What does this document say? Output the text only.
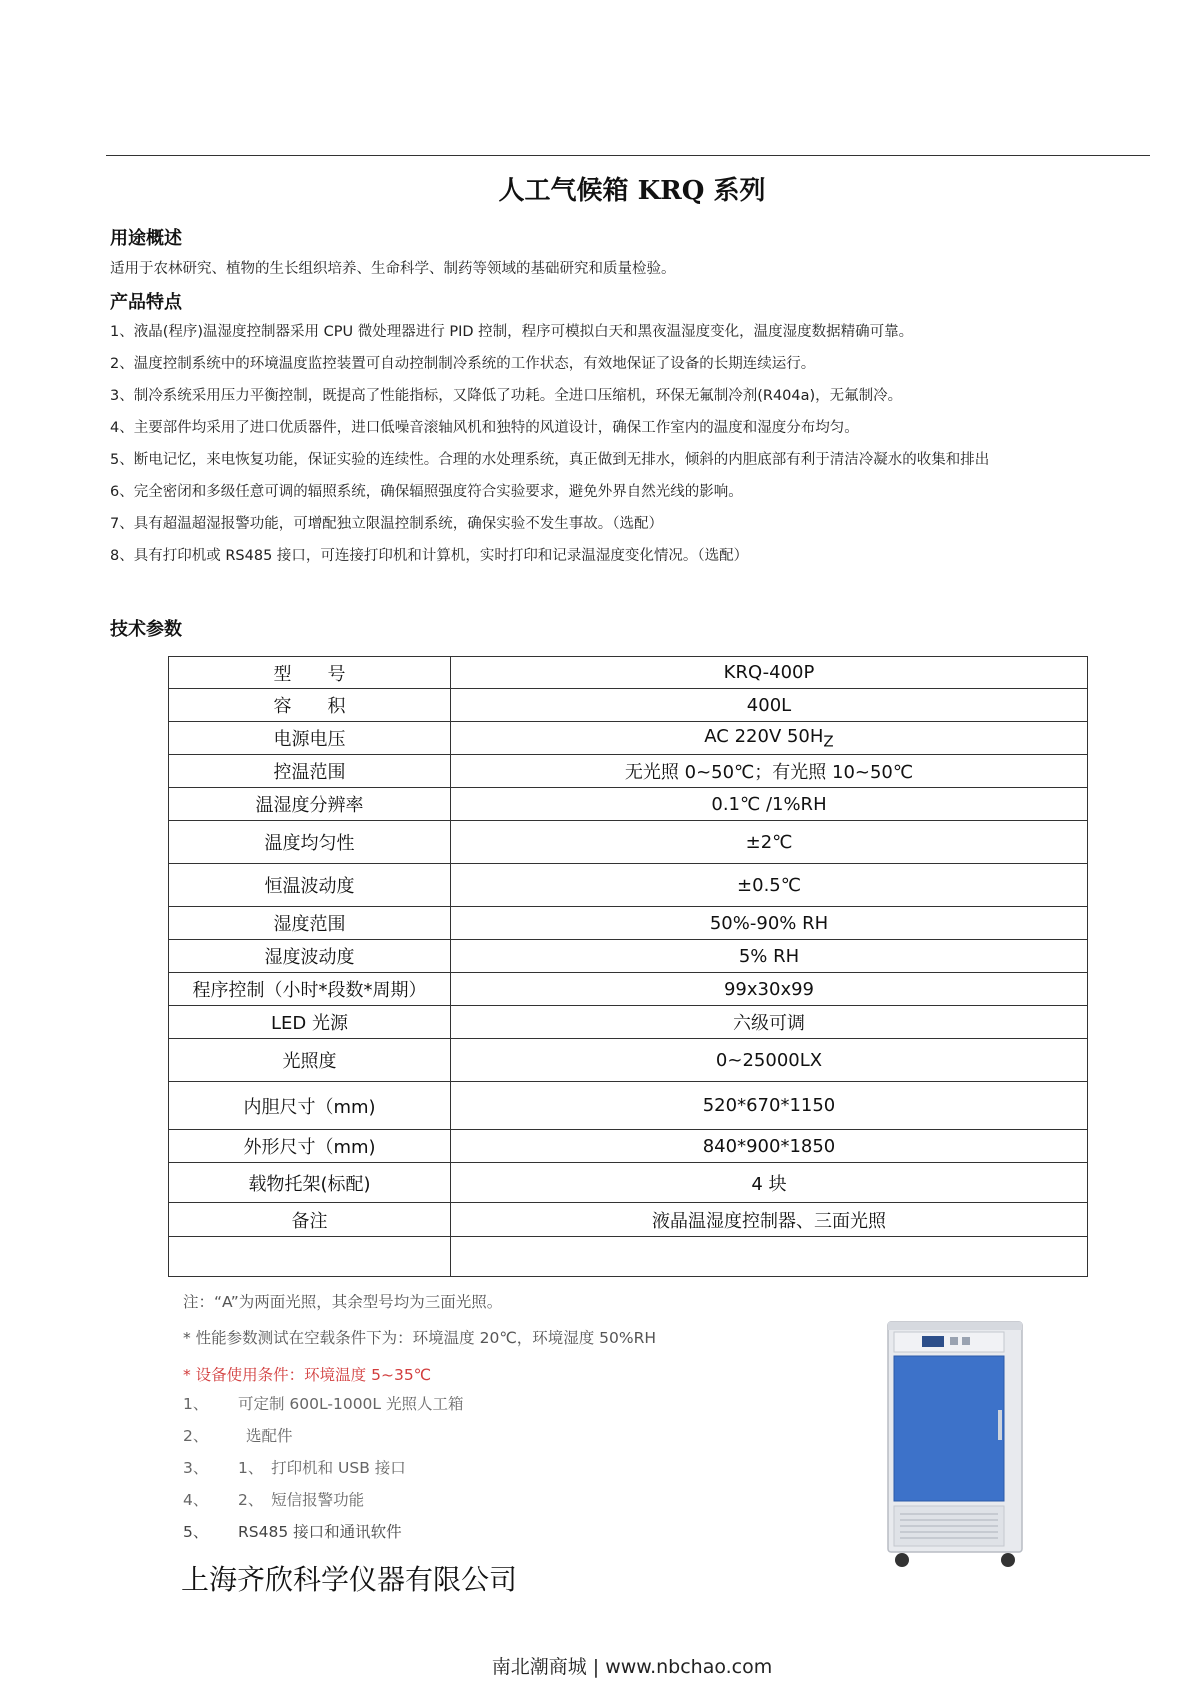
人工气候箱 KRQ 系列
用途概述
适用于农林研究、植物的生长组织培养、生命科学、制药等领域的基础研究和质量检验。
产品特点

1、液晶(程序)温湿度控制器采用 CPU 微处理器进行 PID 控制，程序可模拟白天和黑夜温湿度变化，温度湿度数据精确可靠。

2、温度控制系统中的环境温度监控装置可自动控制制冷系统的工作状态，有效地保证了设备的长期连续运行。

3、制冷系统采用压力平衡控制，既提高了性能指标，又降低了功耗。全进口压缩机，环保无氟制冷剂(R404a)，无氟制冷。

4、主要部件均采用了进口优质器件，进口低噪音滚轴风机和独特的风道设计，确保工作室内的温度和湿度分布均匀。

5、断电记忆，来电恢复功能，保证实验的连续性。合理的水处理系统，真正做到无排水，倾斜的内胆底部有利于清洁冷凝水的收集和排出

6、完全密闭和多级任意可调的辐照系统，确保辐照强度符合实验要求，避免外界自然光线的影响。

7、具有超温超湿报警功能，可增配独立限温控制系统，确保实验不发生事故。（选配）

8、具有打印机或 RS485 接口，可连接打印机和计算机，实时打印和记录温湿度变化情况。（选配）

技术参数
型　　号	KRQ-400P
容　　积	400L
电源电压	AC 220V $50H_Z$
控温范围	无光照 0~50℃；有光照 10~50℃
温湿度分辨率	0.1℃ /1%RH
温度均匀性	±2℃
恒温波动度	±0.5℃
湿度范围	50%-90% RH
湿度波动度	5% RH
程序控制（小时*段数*周期）	99x30x99
LED 光源	六级可调
光照度	0~25000LX
内胆尺寸（mm)	520*670*1150
外形尺寸（mm)	840*900*1850
载物托架(标配)	4 块
备注	液晶温湿度控制器、三面光照

注：“A”为两面光照，其余型号均为三面光照。
* 性能参数测试在空载条件下为：环境温度 20℃，环境湿度 50%RH
* 设备使用条件：环境温度 5~35℃
1、 可定制 600L-1000L 光照人工箱
2、 选配件
3、 1、　打印机和 USB 接口
4、 2、　短信报警功能
5、 RS485 接口和通讯软件
上海齐欣科学仪器有限公司
南北潮商城 | www.nbchao.com
